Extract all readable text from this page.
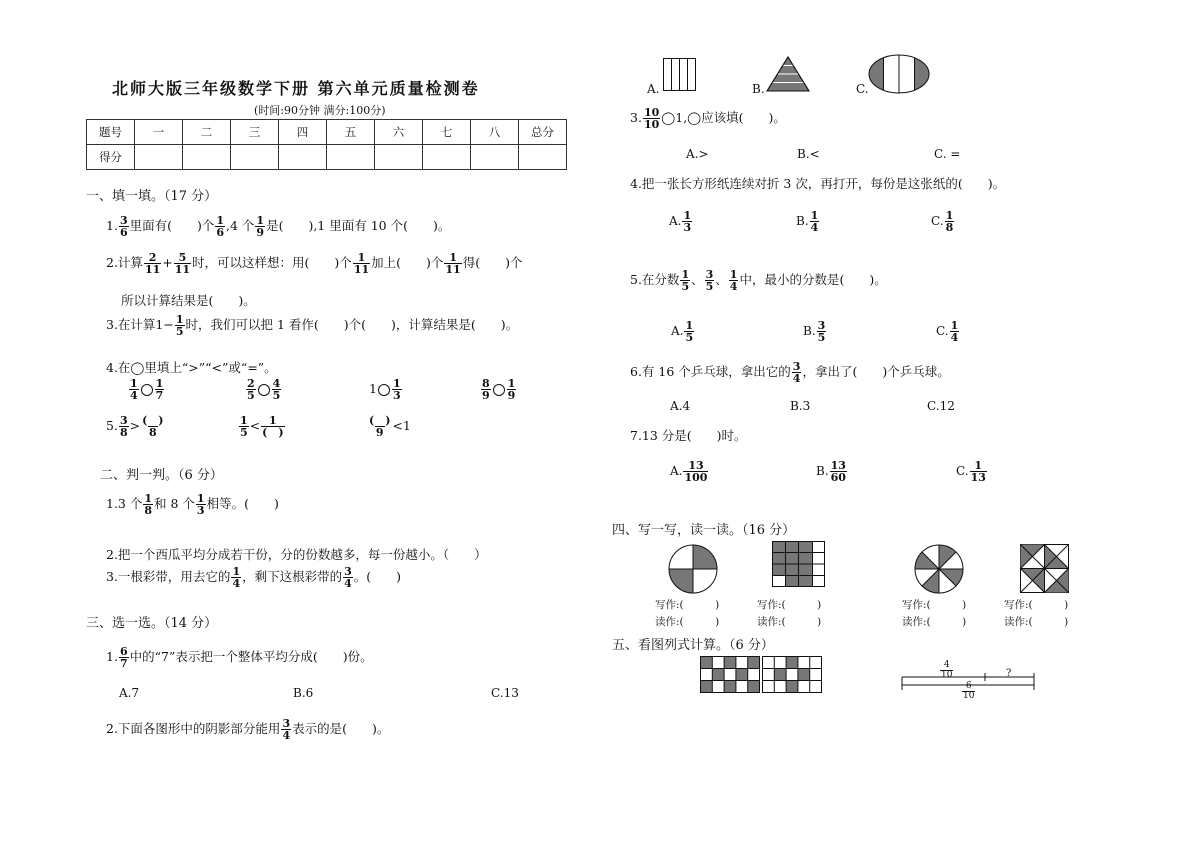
北师大版三年级数学下册 第六单元质量检测卷
(时间:90分钟 满分:100分)
题号	一	二	三	四	五	六	七	八	总分
得分									
一、填一填。（17 分）
1. $\frac{3}{6}$ 里面有(　　)个 $\frac{1}{6} ,4$ 个 $\frac{1}{9}$ 是(　　),1 里面有 10 个(　　)。
2.计算 $\frac{2}{11} + \frac{5}{11}$ 时，可以这样想：用(　　)个 $\frac{1}{11}$ 加上(　　)个 $\frac{1}{11}$ 得(　　)个
所以计算结果是(　　)。
3.在计算$1- \frac{1}{5}$ 时，我们可以把 1 看作(　　)个(　　)，计算结果是(　　)。
4.在◯里填上“>”“<”或“=”。
$\frac{1}{4} \frac{1}{7}$	$\frac{2}{5} \frac{4}{5}$	$1 \frac{1}{3}$	$\frac{8}{9} \frac{1}{9}$
5. $\frac{3}{8} > \frac{( )}{8}$	$\frac{1}{5} < \frac{1}{( )}$	$\frac{( )}{9} <1$
二、判一判。（6 分）
1.3 个 $\frac{1}{8}$ 和 8 个 $\frac{1}{3}$ 相等。(　　)
2.把一个西瓜平均分成若干份，分的份数越多，每一份越小。（　　）
3.一根彩带，用去它的 $\frac{1}{4}$ ，剩下这根彩带的 $\frac{3}{4}$ 。(　　)
三、选一选。（14 分）
1. $\frac{6}{7}$ 中的“7”表示把一个整体平均分成(　　)份。
A.7	B.6	C.13
2.下面各图形中的阴影部分能用 $\frac{3}{4}$ 表示的是(　　)。
A.	B.	C.
3. $\frac{10}{10}$ ◯1,◯应该填(　　)。
A.>	B.<	C. =
4.把一张长方形纸连续对折 3 次，再打开，每份是这张纸的(　　)。
A. $\frac{1}{3}$	B. $\frac{1}{4}$	C. $\frac{1}{8}$
5.在分数 $\frac{1}{5}$ 、 $\frac{3}{5}$ 、 $\frac{1}{4}$ 中，最小的分数是(　　)。
A. $\frac{1}{5}$	B. $\frac{3}{5}$	C. $\frac{1}{4}$
6.有 16 个乒乓球，拿出它的 $\frac{3}{4}$ ，拿出了(　　)个乒乓球。
A.4	B.3	C.12
7.13 分是(　　)时。
A. $\frac{13}{100}$	B. $\frac{13}{60}$	C. $\frac{1}{13}$
四、写一写，读一读。（16 分）
写作:(　　　)
读作:(　　　)
写作:(　　　)
读作:(　　　)
写作:(　　　)
读作:(　　　)
写作:(　　　)
读作:(　　　)
五、看图列式计算。（6 分）
$\frac{4}{10}$	?
$\frac{6}{10}$
